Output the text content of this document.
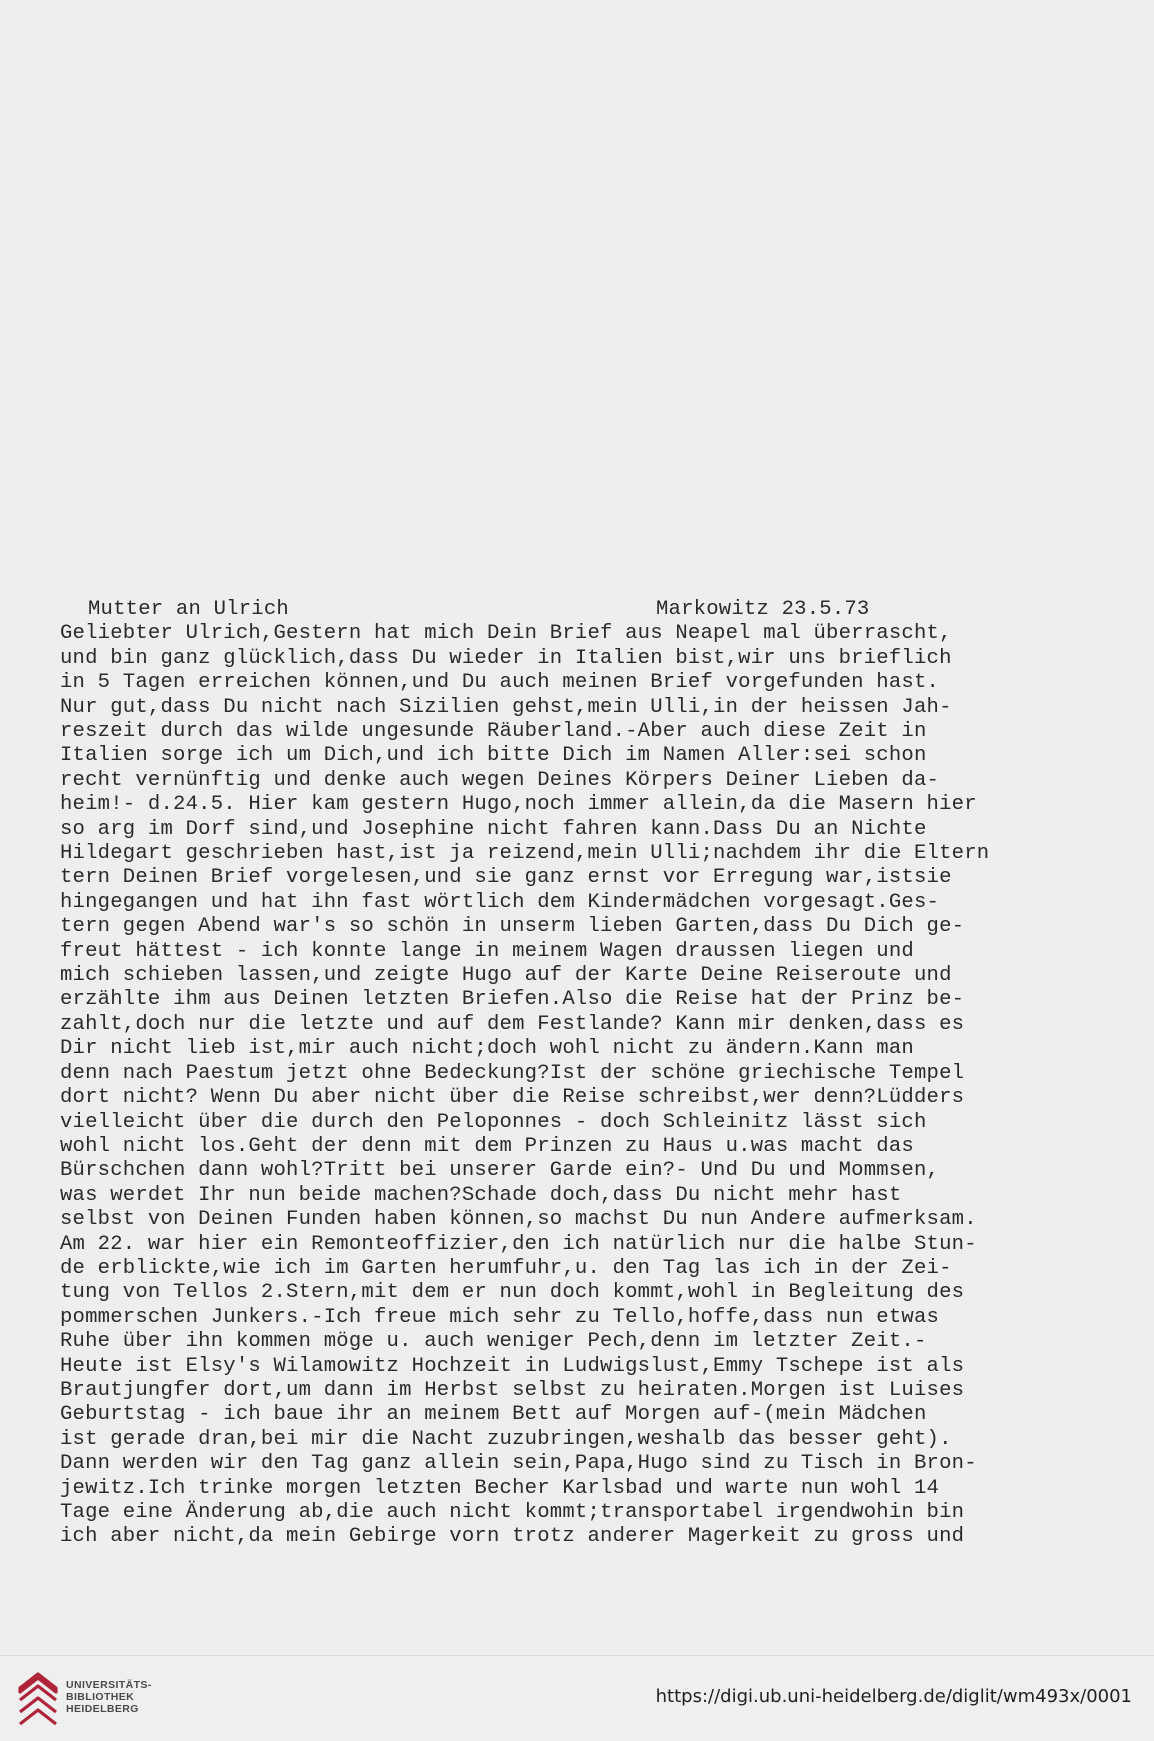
Mutter an Ulrich	Markowitz 23.5.73
Geliebter Ulrich,Gestern hat mich Dein Brief aus Neapel mal überrascht,
und bin ganz glücklich,dass Du wieder in Italien bist,wir uns brieflich
in 5 Tagen erreichen können,und Du auch meinen Brief vorgefunden hast.
Nur gut,dass Du nicht nach Sizilien gehst,mein Ulli,in der heissen Jah-
reszeit durch das wilde ungesunde Räuberland.-Aber auch diese Zeit in
Italien sorge ich um Dich,und ich bitte Dich im Namen Aller:sei schon
recht vernünftig und denke auch wegen Deines Körpers Deiner Lieben da-
heim!- d.24.5. Hier kam gestern Hugo,noch immer allein,da die Masern hier
so arg im Dorf sind,und Josephine nicht fahren kann.Dass Du an Nichte
Hildegart geschrieben hast,ist ja reizend,mein Ulli;nachdem ihr die Eltern
tern Deinen Brief vorgelesen,und sie ganz ernst vor Erregung war,istsie
hingegangen und hat ihn fast wörtlich dem Kindermädchen vorgesagt.Ges-
tern gegen Abend war's so schön in unserm lieben Garten,dass Du Dich ge-
freut hättest - ich konnte lange in meinem Wagen draussen liegen und
mich schieben lassen,und zeigte Hugo auf der Karte Deine Reiseroute und
erzählte ihm aus Deinen letzten Briefen.Also die Reise hat der Prinz be-
zahlt,doch nur die letzte und auf dem Festlande? Kann mir denken,dass es
Dir nicht lieb ist,mir auch nicht;doch wohl nicht zu ändern.Kann man
denn nach Paestum jetzt ohne Bedeckung?Ist der schöne griechische Tempel
dort nicht? Wenn Du aber nicht über die Reise schreibst,wer denn?Lüdders
vielleicht über die durch den Peloponnes - doch Schleinitz lässt sich
wohl nicht los.Geht der denn mit dem Prinzen zu Haus u.was macht das
Bürschchen dann wohl?Tritt bei unserer Garde ein?- Und Du und Mommsen,
was werdet Ihr nun beide machen?Schade doch,dass Du nicht mehr hast
selbst von Deinen Funden haben können,so machst Du nun Andere aufmerksam.
Am 22. war hier ein Remonteoffizier,den ich natürlich nur die halbe Stun-
de erblickte,wie ich im Garten herumfuhr,u. den Tag las ich in der Zei-
tung von Tellos 2.Stern,mit dem er nun doch kommt,wohl in Begleitung des
pommerschen Junkers.-Ich freue mich sehr zu Tello,hoffe,dass nun etwas
Ruhe über ihn kommen möge u. auch weniger Pech,denn im letzter Zeit.-
Heute ist Elsy's Wilamowitz Hochzeit in Ludwigslust,Emmy Tschepe ist als
Brautjungfer dort,um dann im Herbst selbst zu heiraten.Morgen ist Luises
Geburtstag - ich baue ihr an meinem Bett auf Morgen auf-(mein Mädchen
ist gerade dran,bei mir die Nacht zuzubringen,weshalb das besser geht).
Dann werden wir den Tag ganz allein sein,Papa,Hugo sind zu Tisch in Bron-
jewitz.Ich trinke morgen letzten Becher Karlsbad und warte nun wohl 14
Tage eine Änderung ab,die auch nicht kommt;transportabel irgendwohin bin
ich aber nicht,da mein Gebirge vorn trotz anderer Magerkeit zu gross und
UNIVERSITÄTS-
BIBLIOTHEK
HEIDELBERG
https://digi.ub.uni-heidelberg.de/diglit/wm493x/0001
